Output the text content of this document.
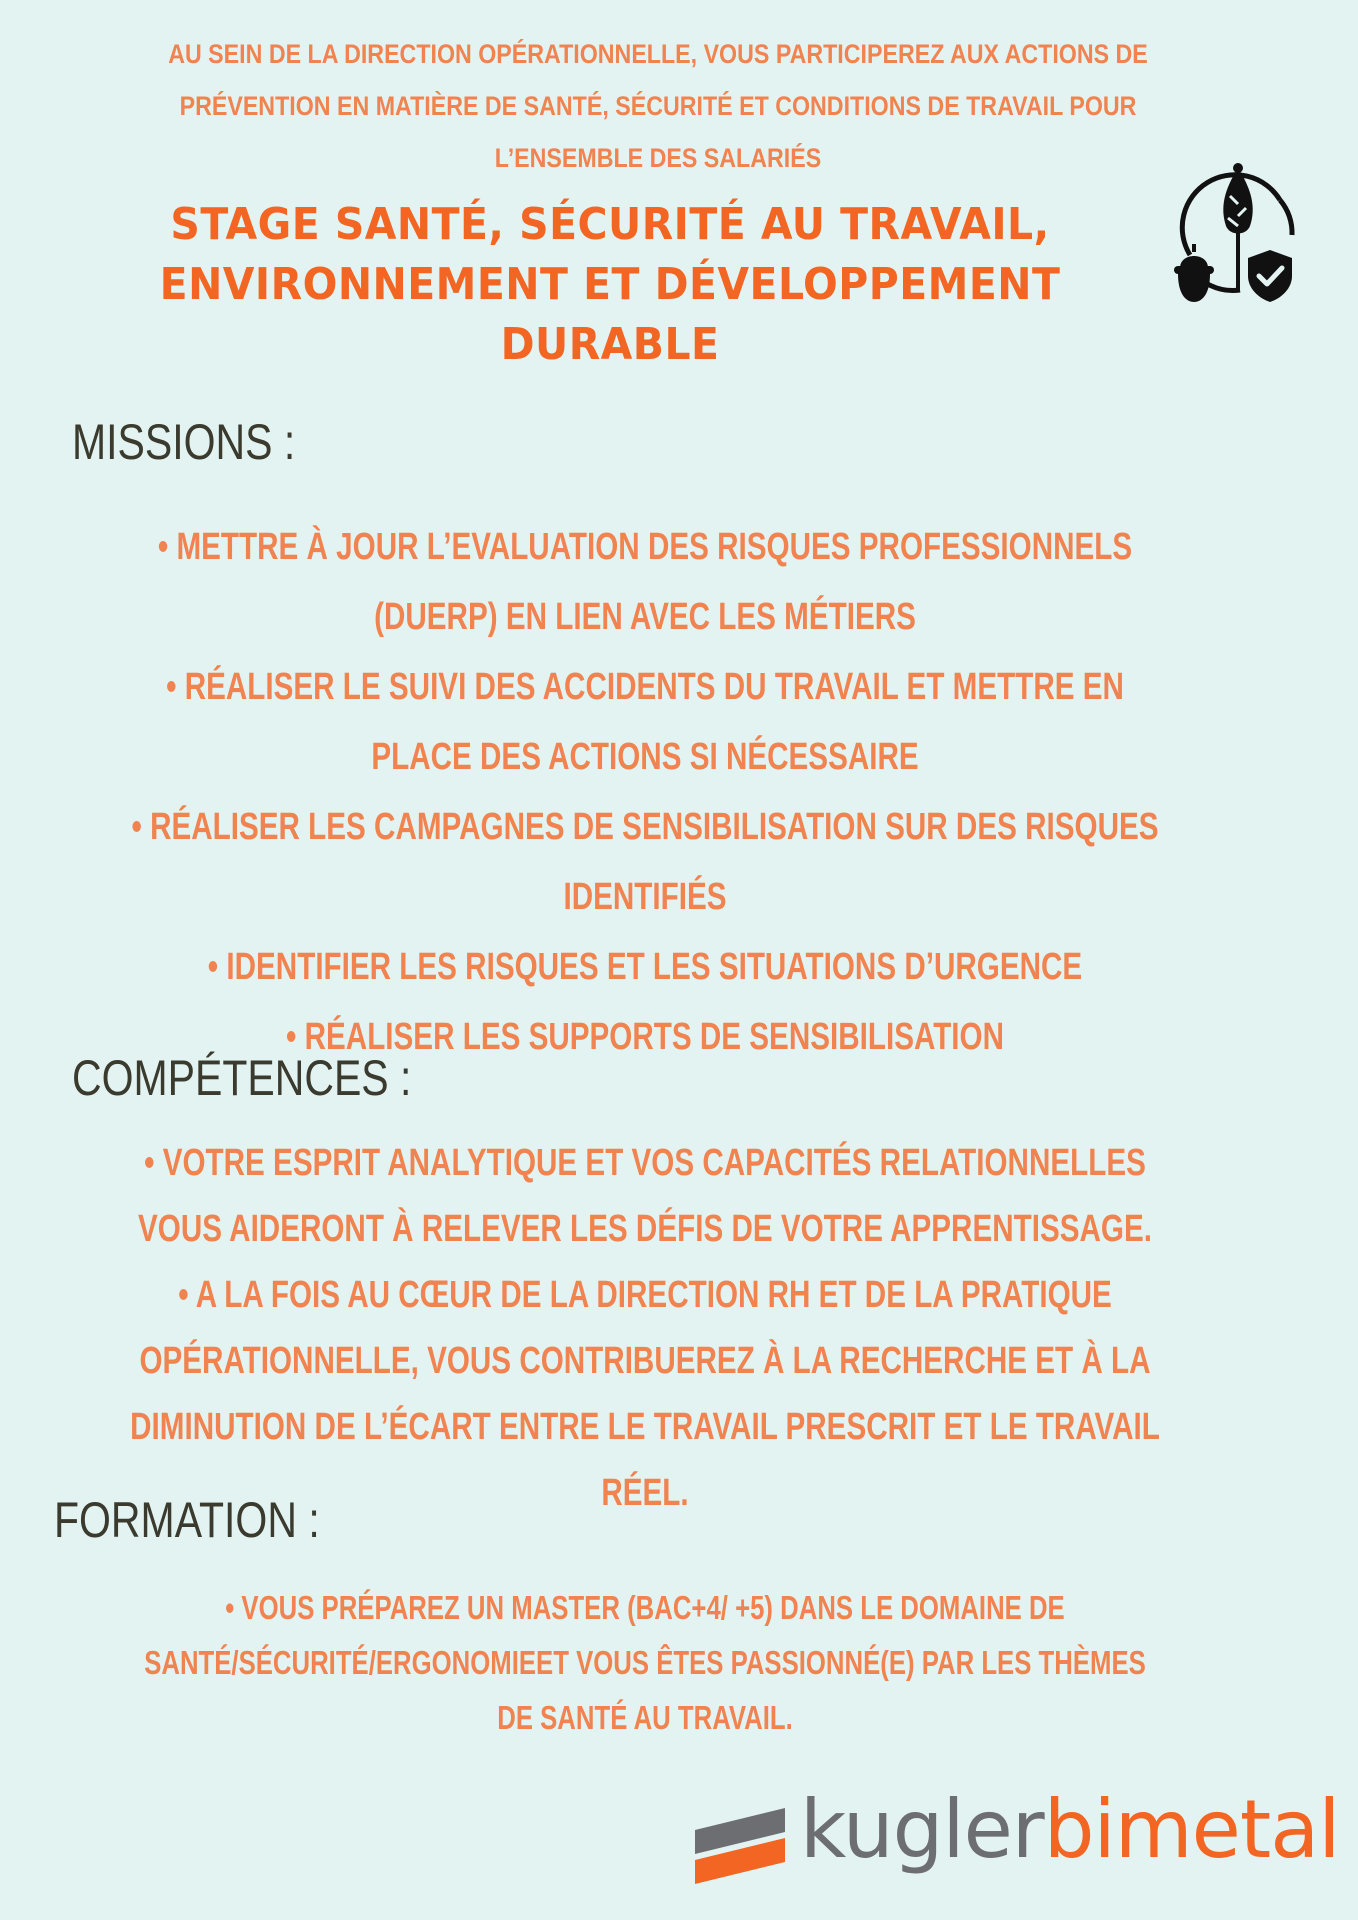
AU SEIN DE LA DIRECTION OPÉRATIONNELLE, VOUS PARTICIPEREZ AUX ACTIONS DE PRÉVENTION EN MATIÈRE DE SANTÉ, SÉCURITÉ ET CONDITIONS DE TRAVAIL POUR L’ENSEMBLE DES SALARIÉS
STAGE SANTÉ, SÉCURITÉ AU TRAVAIL,
ENVIRONNEMENT ET DÉVELOPPEMENT DURABLE
MISSIONS :
• METTRE À JOUR L’EVALUATION DES RISQUES PROFESSIONNELS (DUERP) EN LIEN AVEC LES MÉTIERS
• RÉALISER LE SUIVI DES ACCIDENTS DU TRAVAIL ET METTRE EN PLACE DES ACTIONS SI NÉCESSAIRE
• RÉALISER LES CAMPAGNES DE SENSIBILISATION SUR DES RISQUES IDENTIFIÉS
• IDENTIFIER LES RISQUES ET LES SITUATIONS D’URGENCE
• RÉALISER LES SUPPORTS DE SENSIBILISATION
COMPÉTENCES :
• VOTRE ESPRIT ANALYTIQUE ET VOS CAPACITÉS RELATIONNELLES VOUS AIDERONT À RELEVER LES DÉFIS DE VOTRE APPRENTISSAGE.
• A LA FOIS AU CŒUR DE LA DIRECTION RH ET DE LA PRATIQUE OPÉRATIONNELLE, VOUS CONTRIBUEREZ À LA RECHERCHE ET À LA DIMINUTION DE L’ÉCART ENTRE LE TRAVAIL PRESCRIT ET LE TRAVAIL RÉEL.
FORMATION :
• VOUS PRÉPAREZ UN MASTER (BAC+4/ +5) DANS LE DOMAINE DE SANTÉ/SÉCURITÉ/ERGONOMIEET VOUS ÊTES PASSIONNÉ(E) PAR LES THÈMES DE SANTÉ AU TRAVAIL.
kuglerbimetal
